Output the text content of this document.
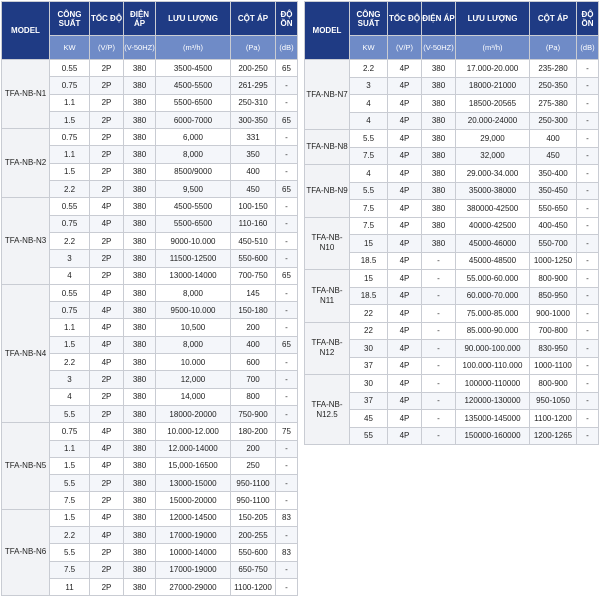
MODEL	CÔNG SUẤT	TỐC ĐỘ	ĐIỆN ÁP	LƯU LƯỢNG	CỘT ÁP	ĐỘ ỒN
	KW	(V/P)	(V-50HZ)	(m³/h)	(Pa)	(dB)
TFA-NB-N1	0.55	2P	380	3500-4500	200-250	65
	0.75	2P	380	4500-5500	261-295	-
	1.1	2P	380	5500-6500	250-310	-
	1.5	2P	380	6000-7000	300-350	65
TFA-NB-N2	0.75	2P	380	6,000	331	-
	1.1	2P	380	8,000	350	-
	1.5	2P	380	8500/9000	400	-
	2.2	2P	380	9,500	450	65
TFA-NB-N3	0.55	4P	380	4500-5500	100-150	-
	0.75	4P	380	5500-6500	110-160	-
	2.2	2P	380	9000-10.000	450-510	-
	3	2P	380	11500-12500	550-600	-
	4	2P	380	13000-14000	700-750	65
TFA-NB-N4	0.55	4P	380	8,000	145	-
	0.75	4P	380	9500-10.000	150-180	-
	1.1	4P	380	10,500	200	-
	1.5	4P	380	8,000	400	65
	2.2	4P	380	10.000	600	-
	3	2P	380	12,000	700	-
	4	2P	380	14,000	800	-
	5.5	2P	380	18000-20000	750-900	-
TFA-NB-N5	0.75	4P	380	10.000-12.000	180-200	75
	1.1	4P	380	12.000-14000	200	-
	1.5	4P	380	15,000-16500	250	-
	5.5	2P	380	13000-15000	950-1100	-
	7.5	2P	380	15000-20000	950-1100	-
TFA-NB-N6	1.5	4P	380	12000-14500	150-205	83
	2.2	4P	380	17000-19000	200-255	-
	5.5	2P	380	10000-14000	550-600	83
	7.5	2P	380	17000-19000	650-750	-
	11	2P	380	27000-29000	1100-1200	-
MODEL	CÔNG SUẤT	TỐC ĐỘ	ĐIỆN ÁP	LƯU LƯỢNG	CỘT ÁP	ĐỘ ỒN
	KW	(V/P)	(V-50HZ)	(m³/h)	(Pa)	(dB)
TFA-NB-N7	2.2	4P	380	17.000-20.000	235-280	-
	3	4P	380	18000-21000	250-350	-
	4	4P	380	18500-20565	275-380	-
	4	4P	380	20.000-24000	250-300	-
TFA-NB-N8	5.5	4P	380	29,000	400	-
	7.5	4P	380	32,000	450	-
TFA-NB-N9	4	4P	380	29.000-34.000	350-400	-
	5.5	4P	380	35000-38000	350-450	-
	7.5	4P	380	380000-42500	550-650	-
TFA-NB-N10	7.5	4P	380	40000-42500	400-450	-
	15	4P	380	45000-46000	550-700	-
	18.5	4P	-	45000-48500	1000-1250	-
TFA-NB-N11	15	4P	-	55.000-60.000	800-900	-
	18.5	4P	-	60.000-70.000	850-950	-
	22	4P	-	75.000-85.000	900-1000	-
TFA-NB-N12	22	4P	-	85.000-90.000	700-800	-
	30	4P	-	90.000-100.000	830-950	-
	37	4P	-	100.000-110.000	1000-1100	-
TFA-NB-N12.5	30	4P	-	100000-110000	800-900	-
	37	4P	-	120000-130000	950-1050	-
	45	4P	-	135000-145000	1100-1200	-
	55	4P	-	150000-160000	1200-1265	-
